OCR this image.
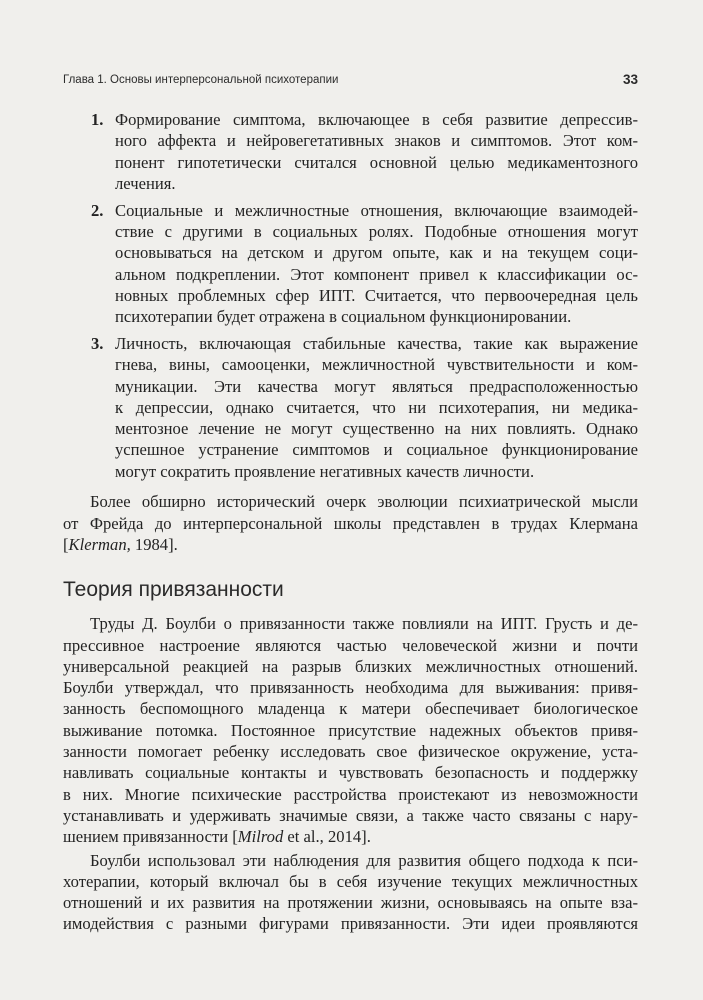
Глава 1. Основы интерперсональной психотерапии	33
1. Формирование симптома, включающее в себя развитие депрессив-
ного аффекта и нейровегетативных знаков и симптомов. Этот ком-
понент гипотетически считался основной целью медикаментозного
лечения.
2. Социальные и межличностные отношения, включающие взаимодей-
ствие с другими в социальных ролях. Подобные отношения могут
основываться на детском и другом опыте, как и на текущем соци-
альном подкреплении. Этот компонент привел к классификации ос-
новных проблемных сфер ИПТ. Считается, что первоочередная цель
психотерапии будет отражена в социальном функционировании.
3. Личность, включающая стабильные качества, такие как выражение
гнева, вины, самооценки, межличностной чувствительности и ком-
муникации. Эти качества могут являться предрасположенностью
к депрессии, однако считается, что ни психотерапия, ни медика-
ментозное лечение не могут существенно на них повлиять. Однако
успешное устранение симптомов и социальное функционирование
могут сократить проявление негативных качеств личности.
Более обширно исторический очерк эволюции психиатрической мысли
от Фрейда до интерперсональной школы представлен в трудах Клермана
[Klerman, 1984].
Теория привязанности
Труды Д. Боулби о привязанности также повлияли на ИПТ. Грусть и де-
прессивное настроение являются частью человеческой жизни и почти
универсальной реакцией на разрыв близких межличностных отношений.
Боулби утверждал, что привязанность необходима для выживания: привя-
занность беспомощного младенца к матери обеспечивает биологическое
выживание потомка. Постоянное присутствие надежных объектов привя-
занности помогает ребенку исследовать свое физическое окружение, уста-
навливать социальные контакты и чувствовать безопасность и поддержку
в них. Многие психические расстройства проистекают из невозможности
устанавливать и удерживать значимые связи, а также часто связаны с нару-
шением привязанности [Milrod et al., 2014].
Боулби использовал эти наблюдения для развития общего подхода к пси-
хотерапии, который включал бы в себя изучение текущих межличностных
отношений и их развития на протяжении жизни, основываясь на опыте вза-
имодействия с разными фигурами привязанности. Эти идеи проявляются
